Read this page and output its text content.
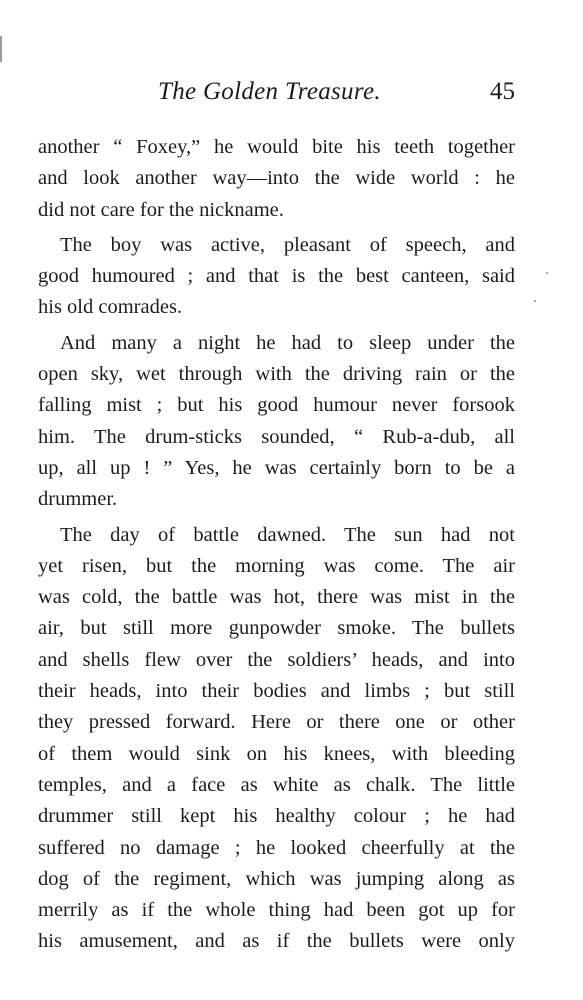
The Golden Treasure.	45
another “ Foxey,” he would bite his teeth together
and look another way—into the wide world : he
did not care for the nickname.
The boy was active, pleasant of speech, and
good humoured ; and that is the best canteen, said
his old comrades.
And many a night he had to sleep under the
open sky, wet through with the driving rain or the
falling mist ; but his good humour never forsook
him. The drum-sticks sounded, “ Rub-a-dub, all
up, all up ! ” Yes, he was certainly born to be a
drummer.
The day of battle dawned. The sun had not
yet risen, but the morning was come. The air
was cold, the battle was hot, there was mist in the
air, but still more gunpowder smoke. The bullets
and shells flew over the soldiers’ heads, and into
their heads, into their bodies and limbs ; but still
they pressed forward. Here or there one or other
of them would sink on his knees, with bleeding
temples, and a face as white as chalk. The little
drummer still kept his healthy colour ; he had
suffered no damage ; he looked cheerfully at the
dog of the regiment, which was jumping along as
merrily as if the whole thing had been got up for
his amusement, and as if the bullets were only
